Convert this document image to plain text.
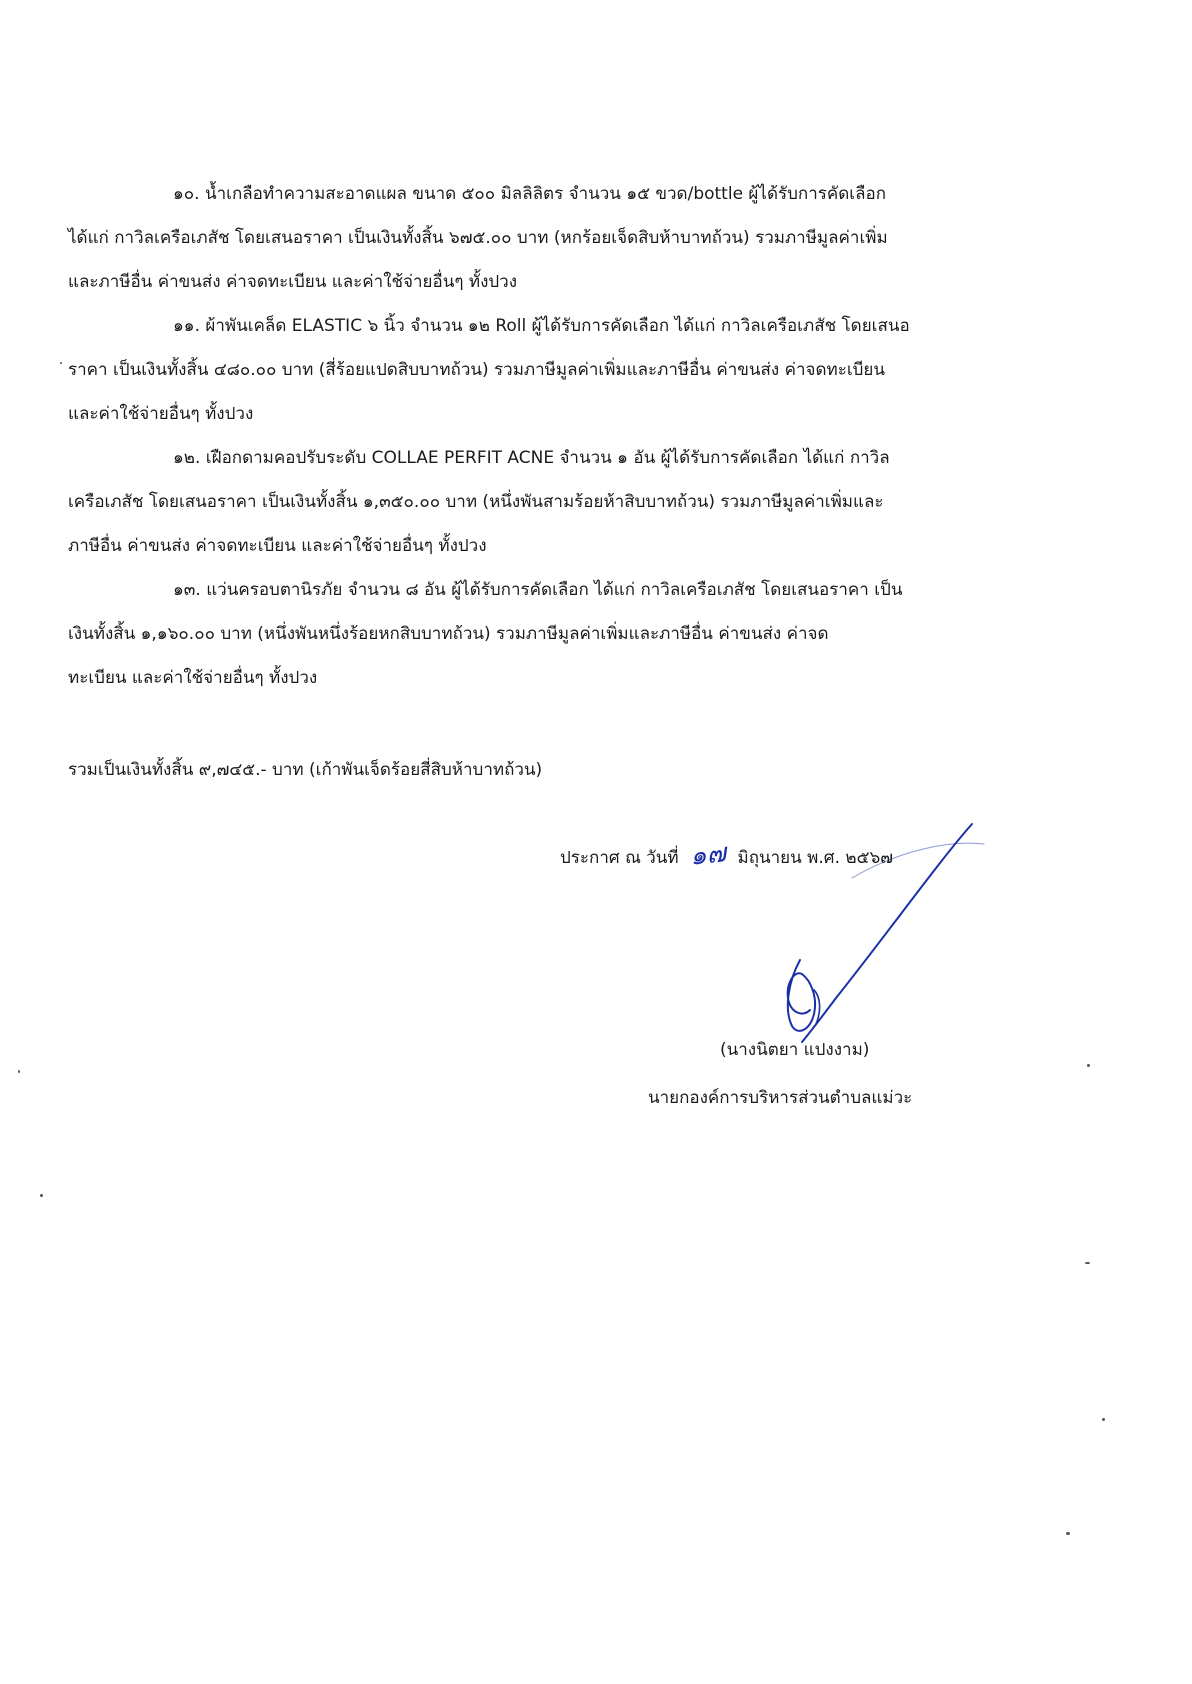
๑๐. น้ำเกลือทำความสะอาดแผล ขนาด ๕๐๐ มิลลิลิตร จำนวน ๑๕ ขวด/bottle ผู้ได้รับการคัดเลือก
ได้แก่ กาวิลเครือเภสัช โดยเสนอราคา เป็นเงินทั้งสิ้น ๖๗๕.๐๐ บาท (หกร้อยเจ็ดสิบห้าบาทถ้วน) รวมภาษีมูลค่าเพิ่ม
และภาษีอื่น ค่าขนส่ง ค่าจดทะเบียน และค่าใช้จ่ายอื่นๆ ทั้งปวง

๑๑. ผ้าพันเคล็ด ELASTIC ๖ นิ้ว จำนวน ๑๒ Roll ผู้ได้รับการคัดเลือก ได้แก่ กาวิลเครือเภสัช โดยเสนอ
ราคา เป็นเงินทั้งสิ้น ๔๘๐.๐๐ บาท (สี่ร้อยแปดสิบบาทถ้วน) รวมภาษีมูลค่าเพิ่มและภาษีอื่น ค่าขนส่ง ค่าจดทะเบียน
และค่าใช้จ่ายอื่นๆ ทั้งปวง

๑๒. เฝือกดามคอปรับระดับ COLLAE PERFIT ACNE จำนวน ๑ อัน ผู้ได้รับการคัดเลือก ได้แก่ กาวิล
เครือเภสัช โดยเสนอราคา เป็นเงินทั้งสิ้น ๑,๓๕๐.๐๐ บาท (หนึ่งพันสามร้อยห้าสิบบาทถ้วน) รวมภาษีมูลค่าเพิ่มและ
ภาษีอื่น ค่าขนส่ง ค่าจดทะเบียน และค่าใช้จ่ายอื่นๆ ทั้งปวง

๑๓. แว่นครอบตานิรภัย จำนวน ๘ อัน ผู้ได้รับการคัดเลือก ได้แก่ กาวิลเครือเภสัช โดยเสนอราคา เป็น
เงินทั้งสิ้น ๑,๑๖๐.๐๐ บาท (หนึ่งพันหนึ่งร้อยหกสิบบาทถ้วน) รวมภาษีมูลค่าเพิ่มและภาษีอื่น ค่าขนส่ง ค่าจด
ทะเบียน และค่าใช้จ่ายอื่นๆ ทั้งปวง

รวมเป็นเงินทั้งสิ้น ๙,๗๔๕.- บาท (เก้าพันเจ็ดร้อยสี่สิบห้าบาทถ้วน)

ประกาศ ณ วันที่ ๑๗ มิถุนายน พ.ศ. ๒๕๖๗
(นางนิตยา แปงงาม)
นายกองค์การบริหารส่วนตำบลแม่วะ
